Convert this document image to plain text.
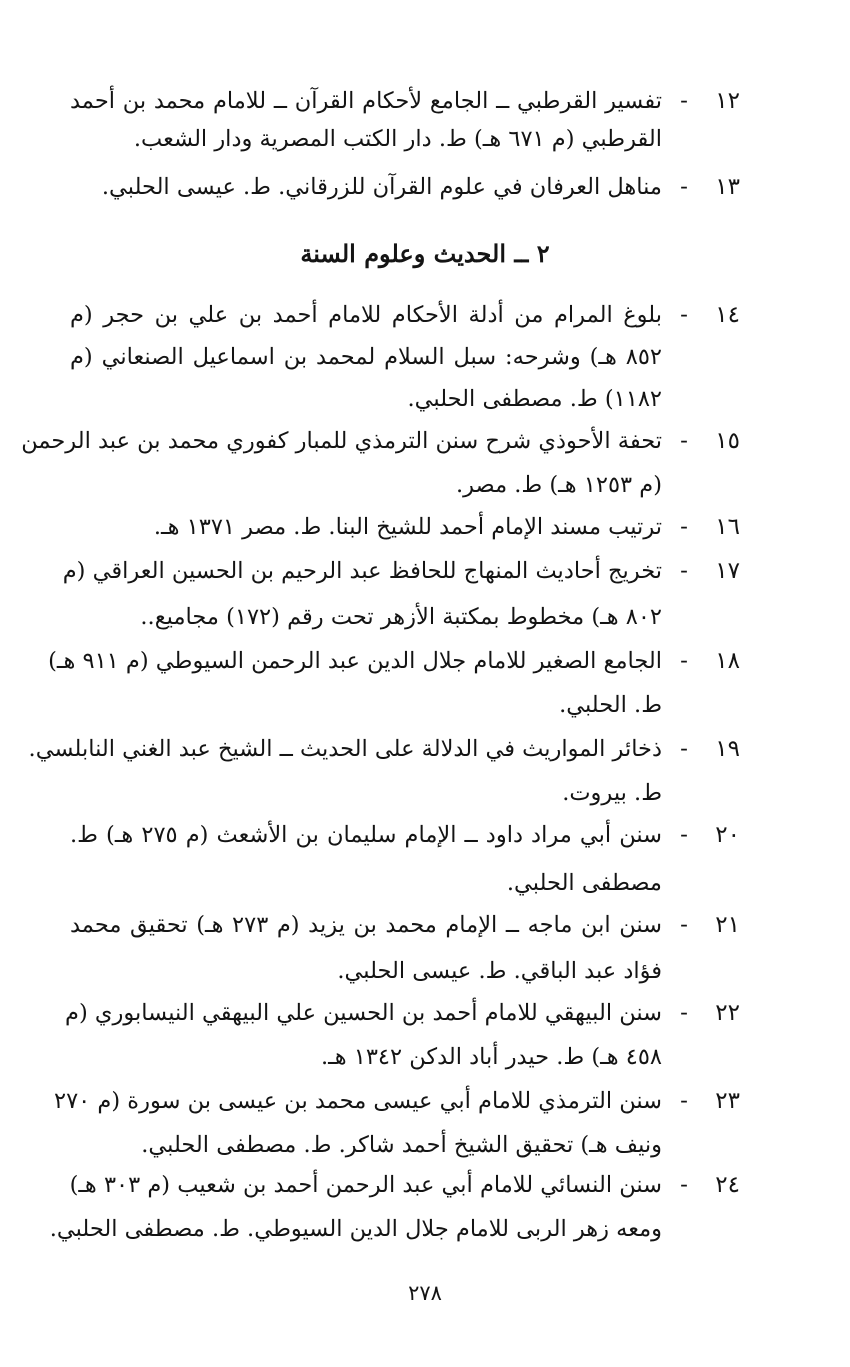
١٢
-
تفسير القرطبي ــ الجامع لأحكام القرآن ــ للامام محمد بن أحمد
القرطبي (م ٦٧١ هـ) ط. دار الكتب المصرية ودار الشعب.
١٣
-
مناهل العرفان في علوم القرآن للزرقاني. ط. عيسى الحلبي.
٢ ــ الحديث وعلوم السنة
١٤
-
بلوغ المرام من أدلة الأحكام للامام أحمد بن علي بن حجر (م
٨٥٢ هـ) وشرحه: سبل السلام لمحمد بن اسماعيل الصنعاني (م
١١٨٢) ط. مصطفى الحلبي.
١٥
-
تحفة الأحوذي شرح سنن الترمذي للمبار كفوري محمد بن عبد الرحمن
(م ١٢٥٣ هـ) ط. مصر.
١٦
-
ترتيب مسند الإمام أحمد للشيخ البنا. ط. مصر ١٣٧١ هـ.
١٧
-
تخريج أحاديث المنهاج للحافظ عبد الرحيم بن الحسين العراقي (م
٨٠٢ هـ) مخطوط بمكتبة الأزهر تحت رقم (١٧٢) مجاميع..
١٨
-
الجامع الصغير للامام جلال الدين عبد الرحمن السيوطي (م ٩١١ هـ)
ط. الحلبي.
١٩
-
ذخائر المواريث في الدلالة على الحديث ــ الشيخ عبد الغني النابلسي.
ط. بيروت.
٢٠
-
سنن أبي مراد داود ــ الإمام سليمان بن الأشعث (م ٢٧٥ هـ) ط.
مصطفى الحلبي.
٢١
-
سنن ابن ماجه ــ الإمام محمد بن يزيد (م ٢٧٣ هـ) تحقيق محمد
فؤاد عبد الباقي. ط. عيسى الحلبي.
٢٢
-
سنن البيهقي للامام أحمد بن الحسين علي البيهقي النيسابوري (م
٤٥٨ هـ) ط. حيدر أباد الدكن ١٣٤٢ هـ.
٢٣
-
سنن الترمذي للامام أبي عيسى محمد بن عيسى بن سورة (م ٢٧٠
ونيف هـ) تحقيق الشيخ أحمد شاكر. ط. مصطفى الحلبي.
٢٤
-
سنن النسائي للامام أبي عبد الرحمن أحمد بن شعيب (م ٣٠٣ هـ)
ومعه زهر الربى للامام جلال الدين السيوطي. ط. مصطفى الحلبي.
٢٧٨
